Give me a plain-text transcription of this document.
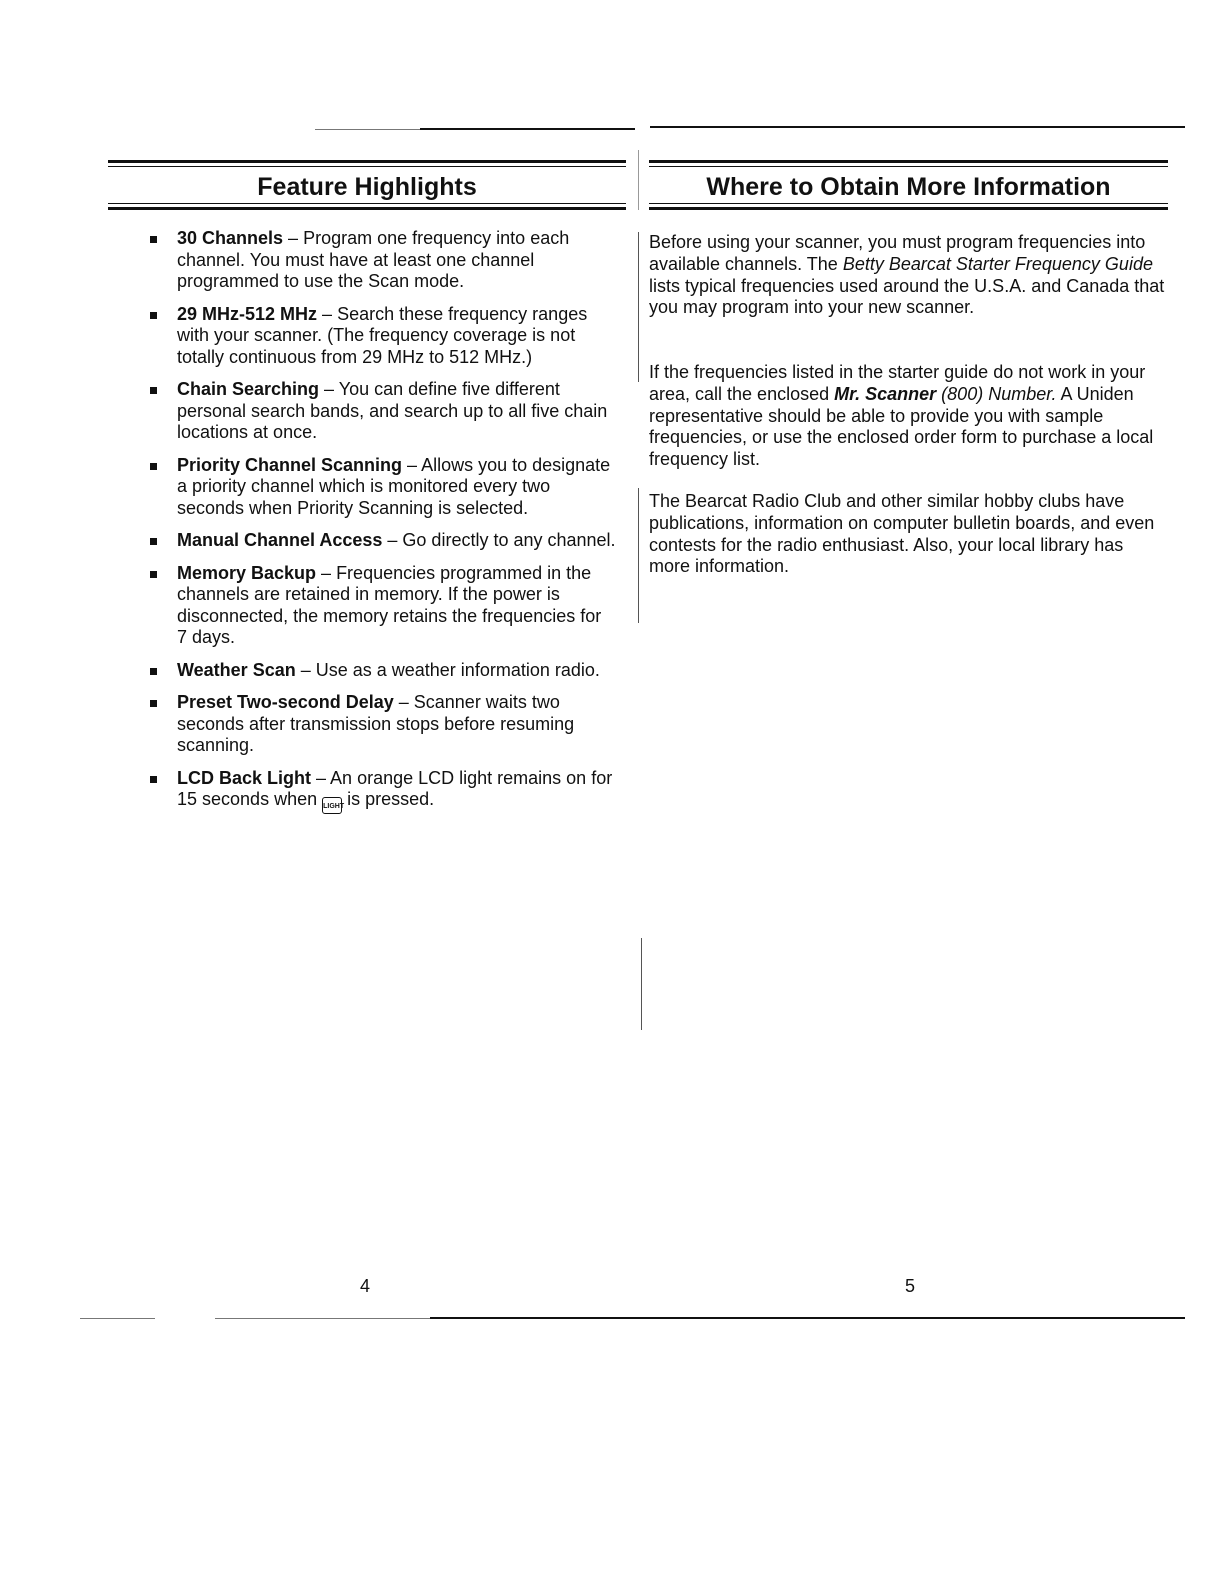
Feature Highlights	Where to Obtain More Information
30 Channels – Program one frequency into each channel. You must have at least one channel programmed to use the Scan mode.
29 MHz-512 MHz – Search these frequency ranges with your scanner. (The frequency coverage is not totally continuous from 29 MHz to 512 MHz.)
Chain Searching – You can define five different personal search bands, and search up to all five chain locations at once.
Priority Channel Scanning – Allows you to designate a priority channel which is monitored every two seconds when Priority Scanning is selected.
Manual Channel Access – Go directly to any channel.
Memory Backup – Frequencies programmed in the channels are retained in memory. If the power is disconnected, the memory retains the frequencies for 7 days.
Weather Scan – Use as a weather information radio.
Preset Two-second Delay – Scanner waits two seconds after transmission stops before resuming scanning.
LCD Back Light – An orange LCD light remains on for 15 seconds when LIGHT is pressed.

Before using your scanner, you must program frequencies into available channels. The Betty Bearcat Starter Frequency Guide lists typical frequencies used around the U.S.A. and Canada that you may program into your new scanner.

If the frequencies listed in the starter guide do not work in your area, call the enclosed Mr. Scanner (800) Number. A Uniden representative should be able to provide you with sample frequencies, or use the enclosed order form to purchase a local frequency list.

The Bearcat Radio Club and other similar hobby clubs have publications, information on computer bulletin boards, and even contests for the radio enthusiast. Also, your local library has more information.

4	5
